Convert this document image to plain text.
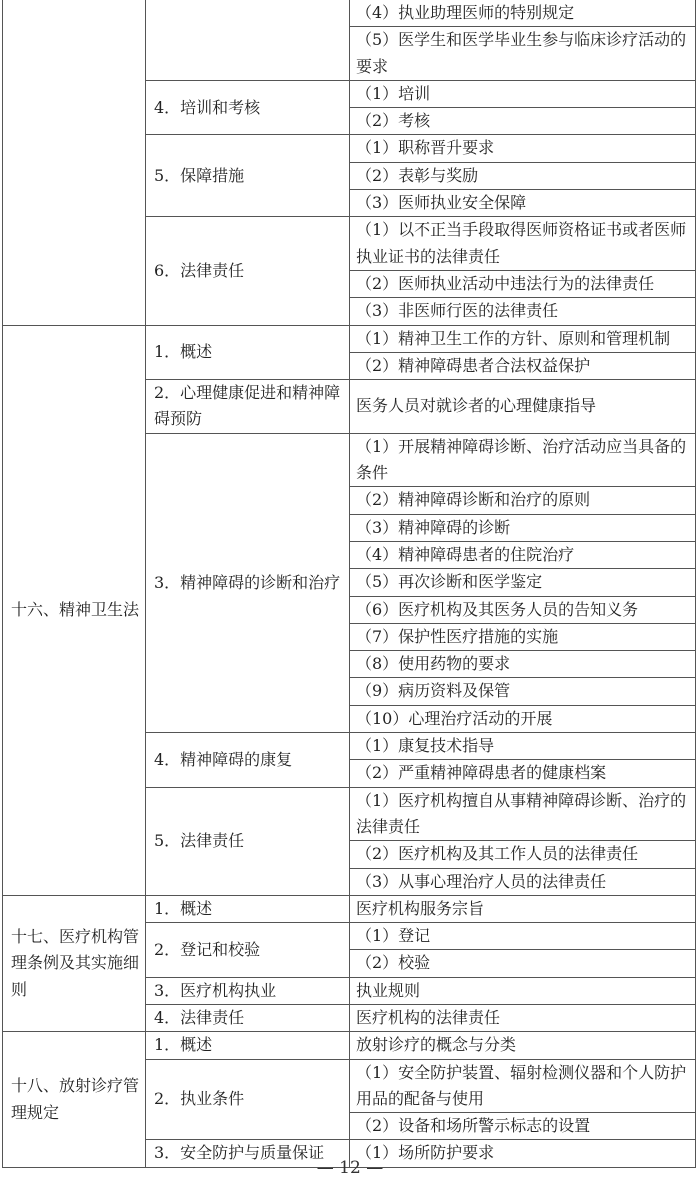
		（4）执业助理医师的特别规定
		（5）医学生和医学毕业生参与临床诊疗活动的要求
	4．培训和考核	（1）培训
		（2）考核
	5．保障措施	（1）职称晋升要求
		（2）表彰与奖励
		（3）医师执业安全保障
	6．法律责任	（1）以不正当手段取得医师资格证书或者医师执业证书的法律责任
		（2）医师执业活动中违法行为的法律责任
		（3）非医师行医的法律责任
十六、精神卫生法	1．概述	（1）精神卫生工作的方针、原则和管理机制
		（2）精神障碍患者合法权益保护
	2．心理健康促进和精神障碍预防	医务人员对就诊者的心理健康指导
	3．精神障碍的诊断和治疗	（1）开展精神障碍诊断、治疗活动应当具备的条件
		（2）精神障碍诊断和治疗的原则
		（3）精神障碍的诊断
		（4）精神障碍患者的住院治疗
		（5）再次诊断和医学鉴定
		（6）医疗机构及其医务人员的告知义务
		（7）保护性医疗措施的实施
		（8）使用药物的要求
		（9）病历资料及保管
		（10）心理治疗活动的开展
	4．精神障碍的康复	（1）康复技术指导
		（2）严重精神障碍患者的健康档案
	5．法律责任	（1）医疗机构擅自从事精神障碍诊断、治疗的法律责任
		（2）医疗机构及其工作人员的法律责任
		（3）从事心理治疗人员的法律责任
十七、医疗机构管理条例及其实施细则	1．概述	医疗机构服务宗旨
	2．登记和校验	（1）登记
		（2）校验
	3．医疗机构执业	执业规则
	4．法律责任	医疗机构的法律责任
十八、放射诊疗管理规定	1．概述	放射诊疗的概念与分类
	2．执业条件	（1）安全防护装置、辐射检测仪器和个人防护用品的配备与使用
		（2）设备和场所警示标志的设置
	3．安全防护与质量保证	（1）场所防护要求
— 12 —
